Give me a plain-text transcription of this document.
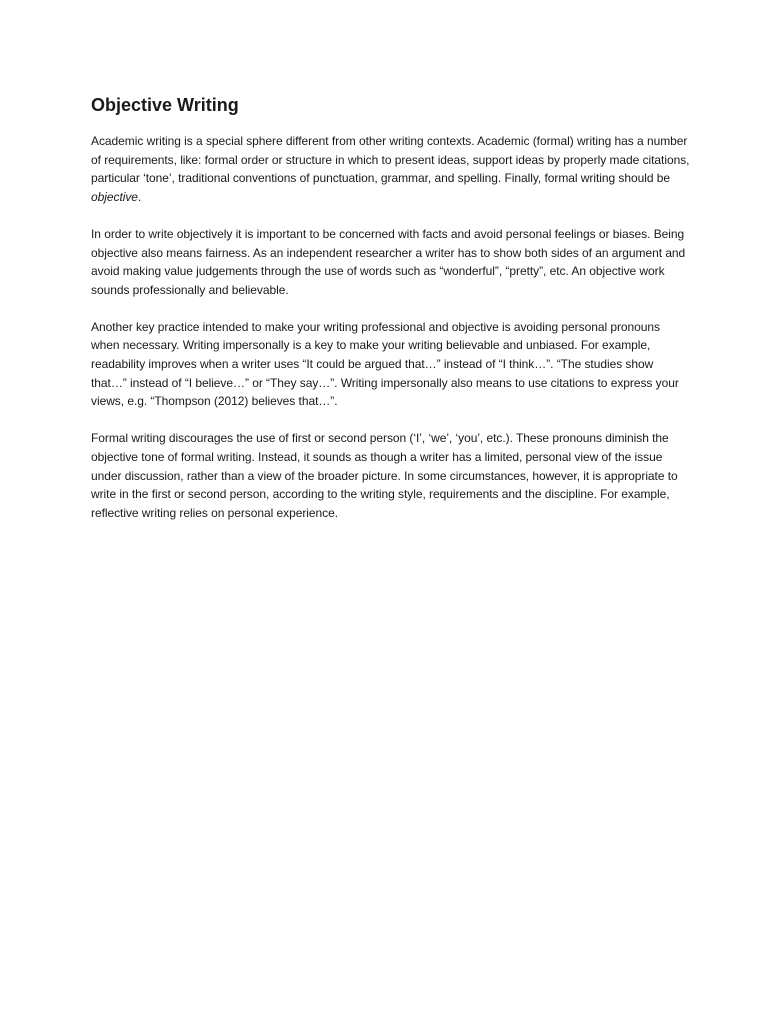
Objective Writing

Academic writing is a special sphere different from other writing contexts. Academic (formal) writing has a number of requirements, like: formal order or structure in which to present ideas, support ideas by properly made citations, particular ‘tone’, traditional conventions of punctuation, grammar, and spelling. Finally, formal writing should be objective.

In order to write objectively it is important to be concerned with facts and avoid personal feelings or biases. Being objective also means fairness. As an independent researcher a writer has to show both sides of an argument and avoid making value judgements through the use of words such as “wonderful”, “pretty”, etc. An objective work sounds professionally and believable.

Another key practice intended to make your writing professional and objective is avoiding personal pronouns when necessary. Writing impersonally is a key to make your writing believable and unbiased. For example, readability improves when a writer uses “It could be argued that…” instead of “I think…”. “The studies show that…” instead of “I believe…” or “They say…”. Writing impersonally also means to use citations to express your views, e.g. “Thompson (2012) believes that…”.

Formal writing discourages the use of first or second person (‘I’, ‘we’, ‘you’, etc.). These pronouns diminish the objective tone of formal writing. Instead, it sounds as though a writer has a limited, personal view of the issue under discussion, rather than a view of the broader picture. In some circumstances, however, it is appropriate to write in the first or second person, according to the writing style, requirements and the discipline. For example, reflective writing relies on personal experience.
